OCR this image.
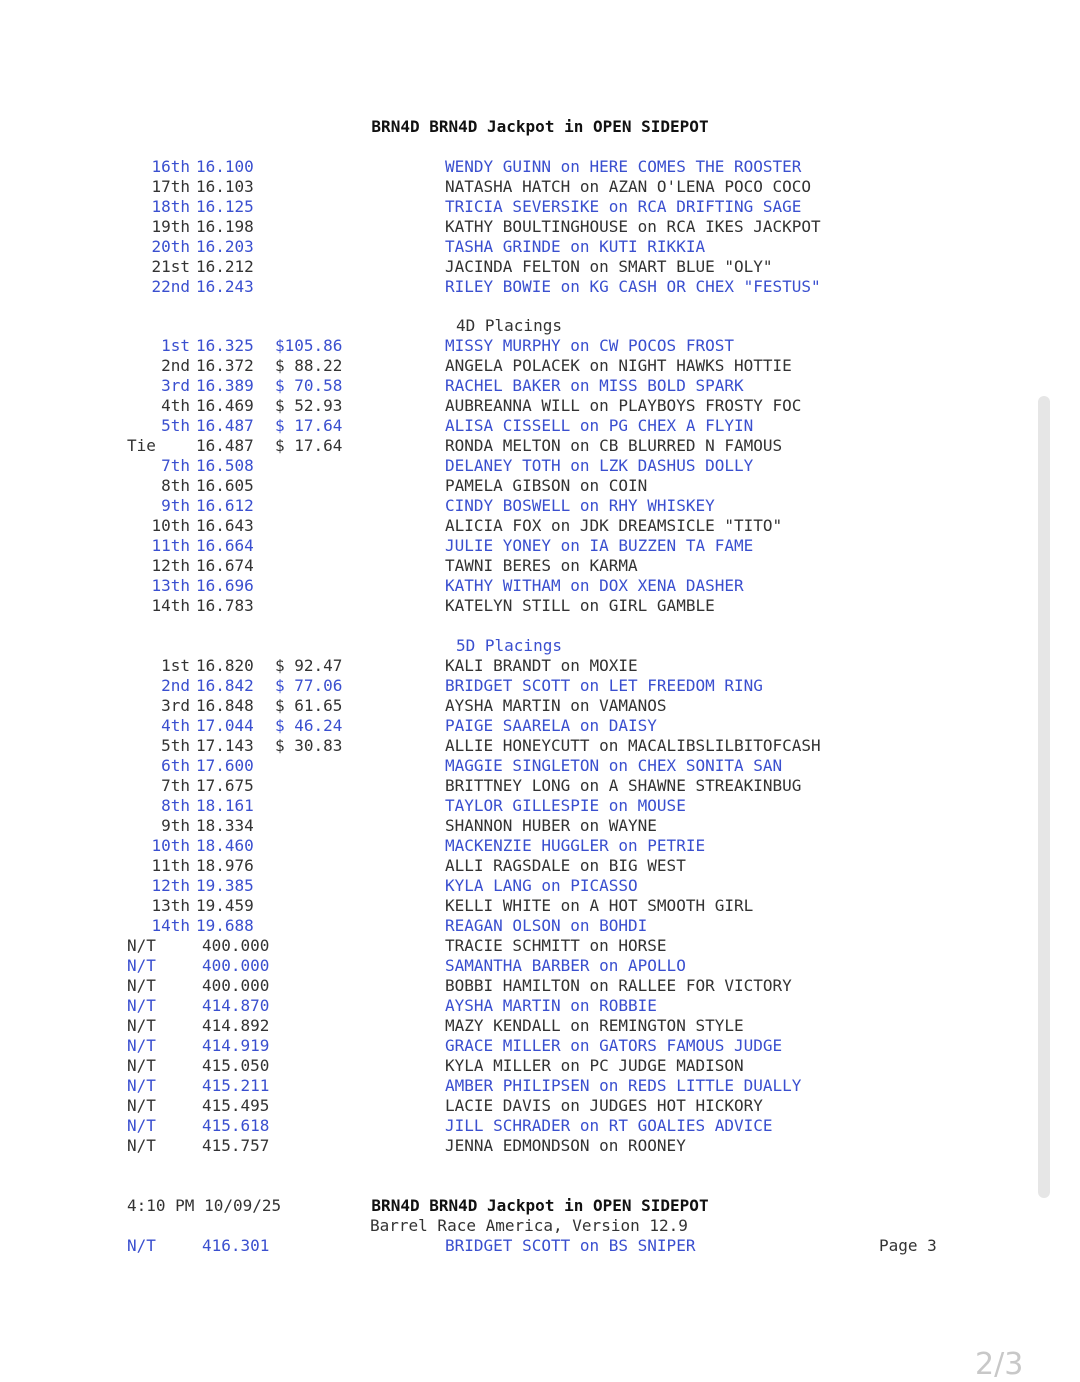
BRN4D BRN4D Jackpot in OPEN SIDEPOT
16th 16.100	WENDY GUINN on HERE COMES THE ROOSTER
17th 16.103	NATASHA HATCH on AZAN O'LENA POCO COCO
18th 16.125	TRICIA SEVERSIKE on RCA DRIFTING SAGE
19th 16.198	KATHY BOULTINGHOUSE on RCA IKES JACKPOT
20th 16.203	TASHA GRINDE on KUTI RIKKIA
21st 16.212	JACINDA FELTON on SMART BLUE "OLY"
22nd 16.243	RILEY BOWIE on KG CASH OR CHEX "FESTUS"
4D Placings
1st 16.325 $105.86	MISSY MURPHY on CW POCOS FROST
2nd 16.372 $ 88.22	ANGELA POLACEK on NIGHT HAWKS HOTTIE
3rd 16.389 $ 70.58	RACHEL BAKER on MISS BOLD SPARK
4th 16.469 $ 52.93	AUBREANNA WILL on PLAYBOYS FROSTY FOC
5th 16.487 $ 17.64	ALISA CISSELL on PG CHEX A FLYIN
Tie	16.487 $ 17.64	RONDA MELTON on CB BLURRED N FAMOUS
7th 16.508	DELANEY TOTH on LZK DASHUS DOLLY
8th 16.605	PAMELA GIBSON on COIN
9th 16.612	CINDY BOSWELL on RHY WHISKEY
10th 16.643	ALICIA FOX on JDK DREAMSICLE "TITO"
11th 16.664	JULIE YONEY on IA BUZZEN TA FAME
12th 16.674	TAWNI BERES on KARMA
13th 16.696	KATHY WITHAM on DOX XENA DASHER
14th 16.783	KATELYN STILL on GIRL GAMBLE
5D Placings
1st 16.820 $ 92.47	KALI BRANDT on MOXIE
2nd 16.842 $ 77.06	BRIDGET SCOTT on LET FREEDOM RING
3rd 16.848 $ 61.65	AYSHA MARTIN on VAMANOS
4th 17.044 $ 46.24	PAIGE SAARELA on DAISY
5th 17.143 $ 30.83	ALLIE HONEYCUTT on MACALIBSLILBITOFCASH
6th 17.600	MAGGIE SINGLETON on CHEX SONITA SAN
7th 17.675	BRITTNEY LONG on A SHAWNE STREAKINBUG
8th 18.161	TAYLOR GILLESPIE on MOUSE
9th 18.334	SHANNON HUBER on WAYNE
10th 18.460	MACKENZIE HUGGLER on PETRIE
11th 18.976	ALLI RAGSDALE on BIG WEST
12th 19.385	KYLA LANG on PICASSO
13th 19.459	KELLI WHITE on A HOT SMOOTH GIRL
14th 19.688	REAGAN OLSON on BOHDI
N/T	400.000	TRACIE SCHMITT on HORSE
N/T	400.000	SAMANTHA BARBER on APOLLO
N/T	400.000	BOBBI HAMILTON on RALLEE FOR VICTORY
N/T	414.870	AYSHA MARTIN on ROBBIE
N/T	414.892	MAZY KENDALL on REMINGTON STYLE
N/T	414.919	GRACE MILLER on GATORS FAMOUS JUDGE
N/T	415.050	KYLA MILLER on PC JUDGE MADISON
N/T	415.211	AMBER PHILIPSEN on REDS LITTLE DUALLY
N/T	415.495	LACIE DAVIS on JUDGES HOT HICKORY
N/T	415.618	JILL SCHRADER on RT GOALIES ADVICE
N/T	415.757	JENNA EDMONDSON on ROONEY

4:10 PM 10/09/25

Barrel Race America, Version 12.9

Page 3

BRN4D BRN4D Jackpot in OPEN SIDEPOT
N/T	416.301	BRIDGET SCOTT on BS SNIPER
2/3
